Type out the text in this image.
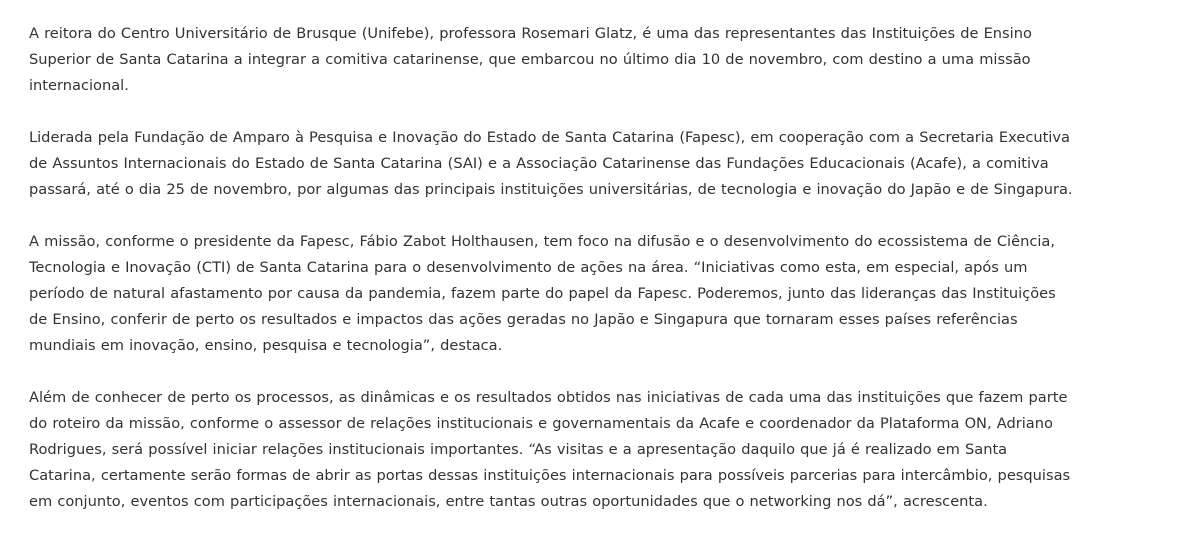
A reitora do Centro Universitário de Brusque (Unifebe), professora Rosemari Glatz, é uma das representantes das Instituições de Ensino
Superior de Santa Catarina a integrar a comitiva catarinense, que embarcou no último dia 10 de novembro, com destino a uma missão
internacional.

Liderada pela Fundação de Amparo à Pesquisa e Inovação do Estado de Santa Catarina (Fapesc), em cooperação com a Secretaria Executiva
de Assuntos Internacionais do Estado de Santa Catarina (SAI) e a Associação Catarinense das Fundações Educacionais (Acafe), a comitiva
passará, até o dia 25 de novembro, por algumas das principais instituições universitárias, de tecnologia e inovação do Japão e de Singapura.

A missão, conforme o presidente da Fapesc, Fábio Zabot Holthausen, tem foco na difusão e o desenvolvimento do ecossistema de Ciência,
Tecnologia e Inovação (CTI) de Santa Catarina para o desenvolvimento de ações na área. “Iniciativas como esta, em especial, após um
período de natural afastamento por causa da pandemia, fazem parte do papel da Fapesc. Poderemos, junto das lideranças das Instituições
de Ensino, conferir de perto os resultados e impactos das ações geradas no Japão e Singapura que tornaram esses países referências
mundiais em inovação, ensino, pesquisa e tecnologia”, destaca.

Além de conhecer de perto os processos, as dinâmicas e os resultados obtidos nas iniciativas de cada uma das instituições que fazem parte
do roteiro da missão, conforme o assessor de relações institucionais e governamentais da Acafe e coordenador da Plataforma ON, Adriano
Rodrigues, será possível iniciar relações institucionais importantes. “As visitas e a apresentação daquilo que já é realizado em Santa
Catarina, certamente serão formas de abrir as portas dessas instituições internacionais para possíveis parcerias para intercâmbio, pesquisas
em conjunto, eventos com participações internacionais, entre tantas outras oportunidades que o networking nos dá”, acrescenta.
